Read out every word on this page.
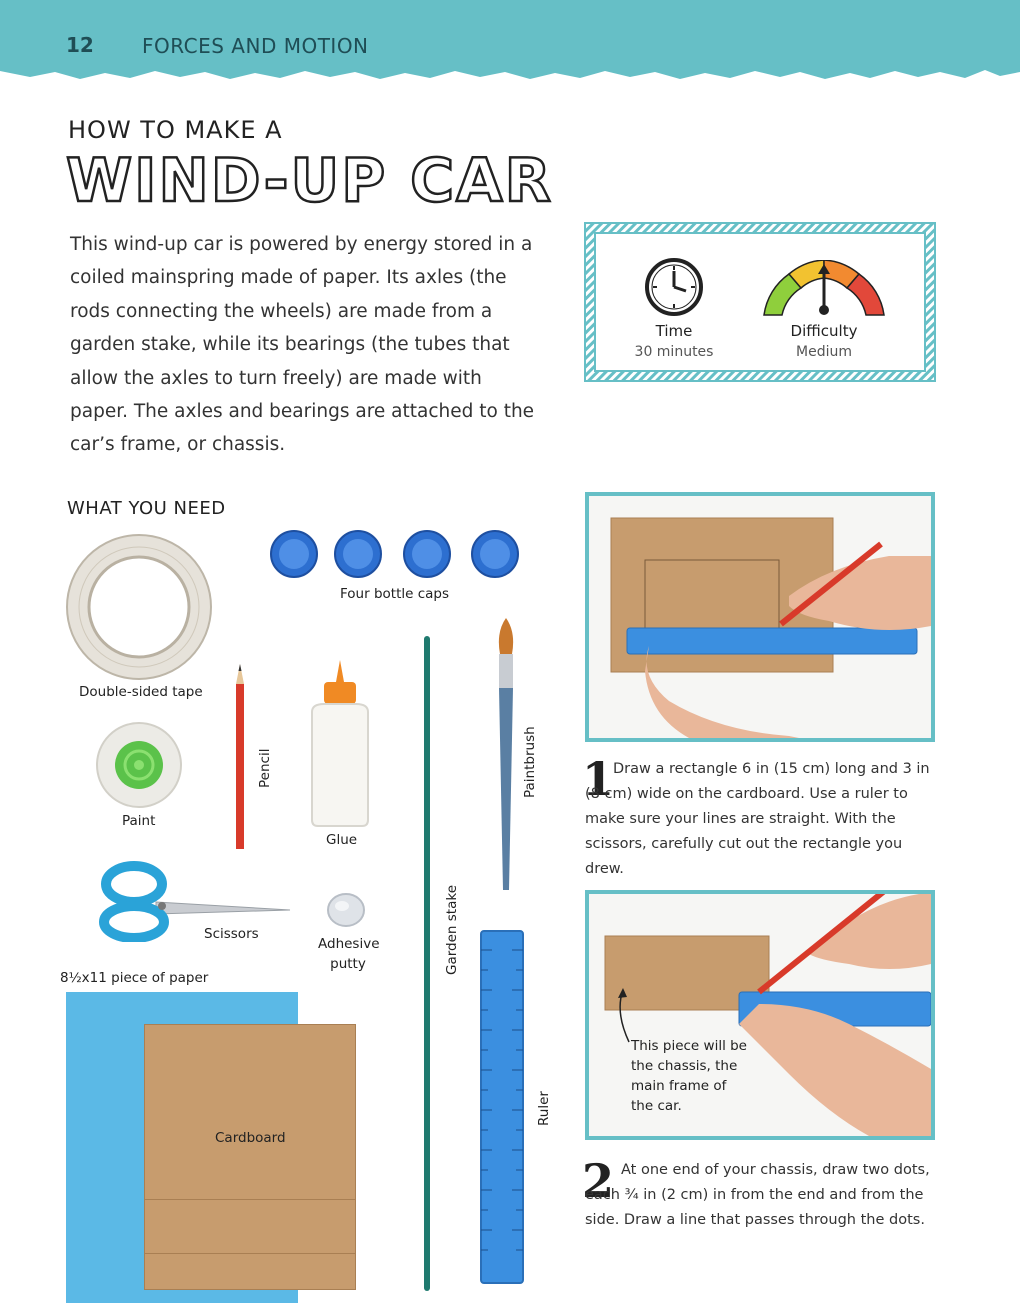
12 FORCES AND MOTION
HOW TO MAKE A
WIND-UP CAR
This wind-up car is powered by energy stored in a coiled mainspring made of paper. Its axles (the rods connecting the wheels) are made from a garden stake, while its bearings (the tubes that allow the axles to turn freely) are made with paper. The axles and bearings are attached to the car’s frame, or chassis.
Time
30 minutes
Difficulty
Medium
WHAT YOU NEED
Double-sided tape
Four bottle caps
Paint
Pencil
Glue
Garden stake
Paintbrush
Scissors
Adhesive putty
8½x11 piece of paper
Cardboard
Ruler
1
Draw a rectangle 6 in (15 cm) long and 3 in (8 cm) wide on the cardboard. Use a ruler to make sure your lines are straight. With the scissors, carefully cut out the rectangle you drew.
This piece will be the chassis, the main frame of the car.
2 At one end of your chassis, draw two dots, each ¾ in (2 cm) in from the end and from the side. Draw a line that passes through the dots.
